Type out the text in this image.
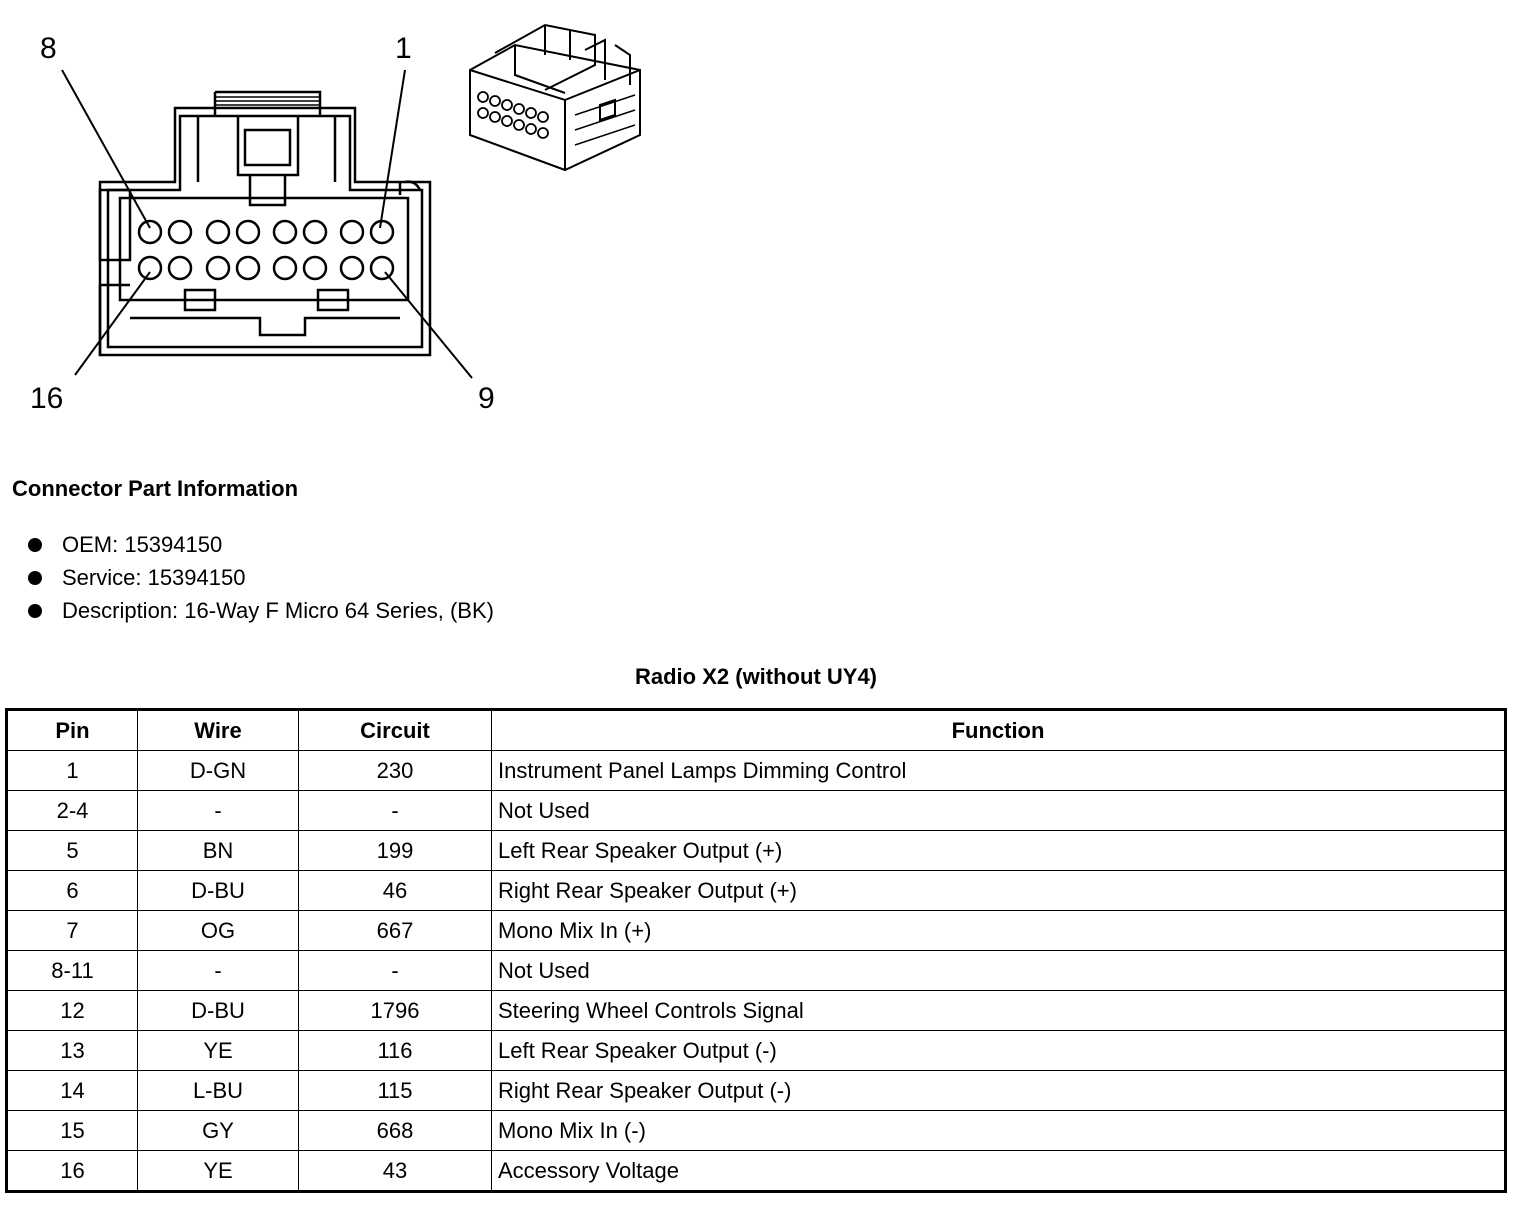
8	1
16	9
Connector Part Information
OEM: 15394150
Service: 15394150
Description: 16-Way F Micro 64 Series, (BK)
Radio X2 (without UY4)
Pin	Wire	Circuit	Function
1	D-GN	230	Instrument Panel Lamps Dimming Control
2-4	-	-	Not Used
5	BN	199	Left Rear Speaker Output (+)
6	D-BU	46	Right Rear Speaker Output (+)
7	OG	667	Mono Mix In (+)
8-11	-	-	Not Used
12	D-BU	1796	Steering Wheel Controls Signal
13	YE	116	Left Rear Speaker Output (-)
14	L-BU	115	Right Rear Speaker Output (-)
15	GY	668	Mono Mix In (-)
16	YE	43	Accessory Voltage
